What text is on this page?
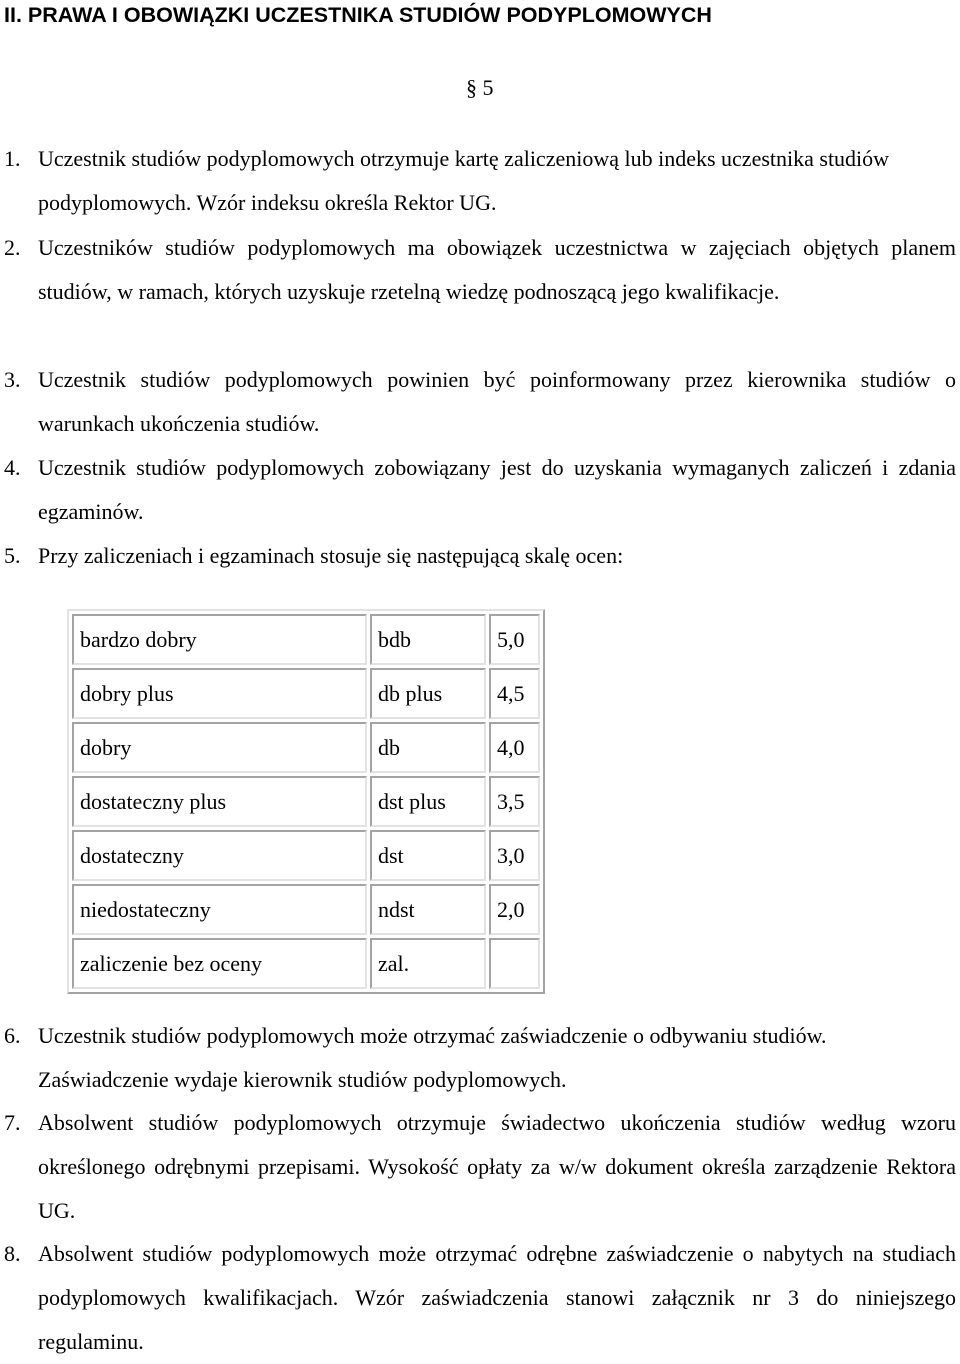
II. PRAWA I OBOWIĄZKI UCZESTNIKA STUDIÓW PODYPLOMOWYCH
§ 5
1. Uczestnik studiów podyplomowych otrzymuje kartę zaliczeniową lub indeks uczestnika studiów podyplomowych. Wzór indeksu określa Rektor UG.
2. Uczestników studiów podyplomowych ma obowiązek uczestnictwa w zajęciach objętych planem studiów, w ramach, których uzyskuje rzetelną wiedzę podnoszącą jego kwalifikacje.
3. Uczestnik studiów podyplomowych powinien być poinformowany przez kierownika studiów o warunkach ukończenia studiów.
4. Uczestnik studiów podyplomowych zobowiązany jest do uzyskania wymaganych zaliczeń i zdania egzaminów.
5. Przy zaliczeniach i egzaminach stosuje się następującą skalę ocen:
bardzo dobry	bdb	5,0
dobry plus	db plus	4,5
dobry	db	4,0
dostateczny plus	dst plus	3,5
dostateczny	dst	3,0
niedostateczny	ndst	2,0
zaliczenie bez oceny	zal.	
6. Uczestnik studiów podyplomowych może otrzymać zaświadczenie o odbywaniu studiów. Zaświadczenie wydaje kierownik studiów podyplomowych.
7. Absolwent studiów podyplomowych otrzymuje świadectwo ukończenia studiów według wzoru określonego odrębnymi przepisami. Wysokość opłaty za w/w dokument określa zarządzenie Rektora UG.
8. Absolwent studiów podyplomowych może otrzymać odrębne zaświadczenie o nabytych na studiach podyplomowych kwalifikacjach. Wzór zaświadczenia stanowi załącznik nr 3 do niniejszego regulaminu.
